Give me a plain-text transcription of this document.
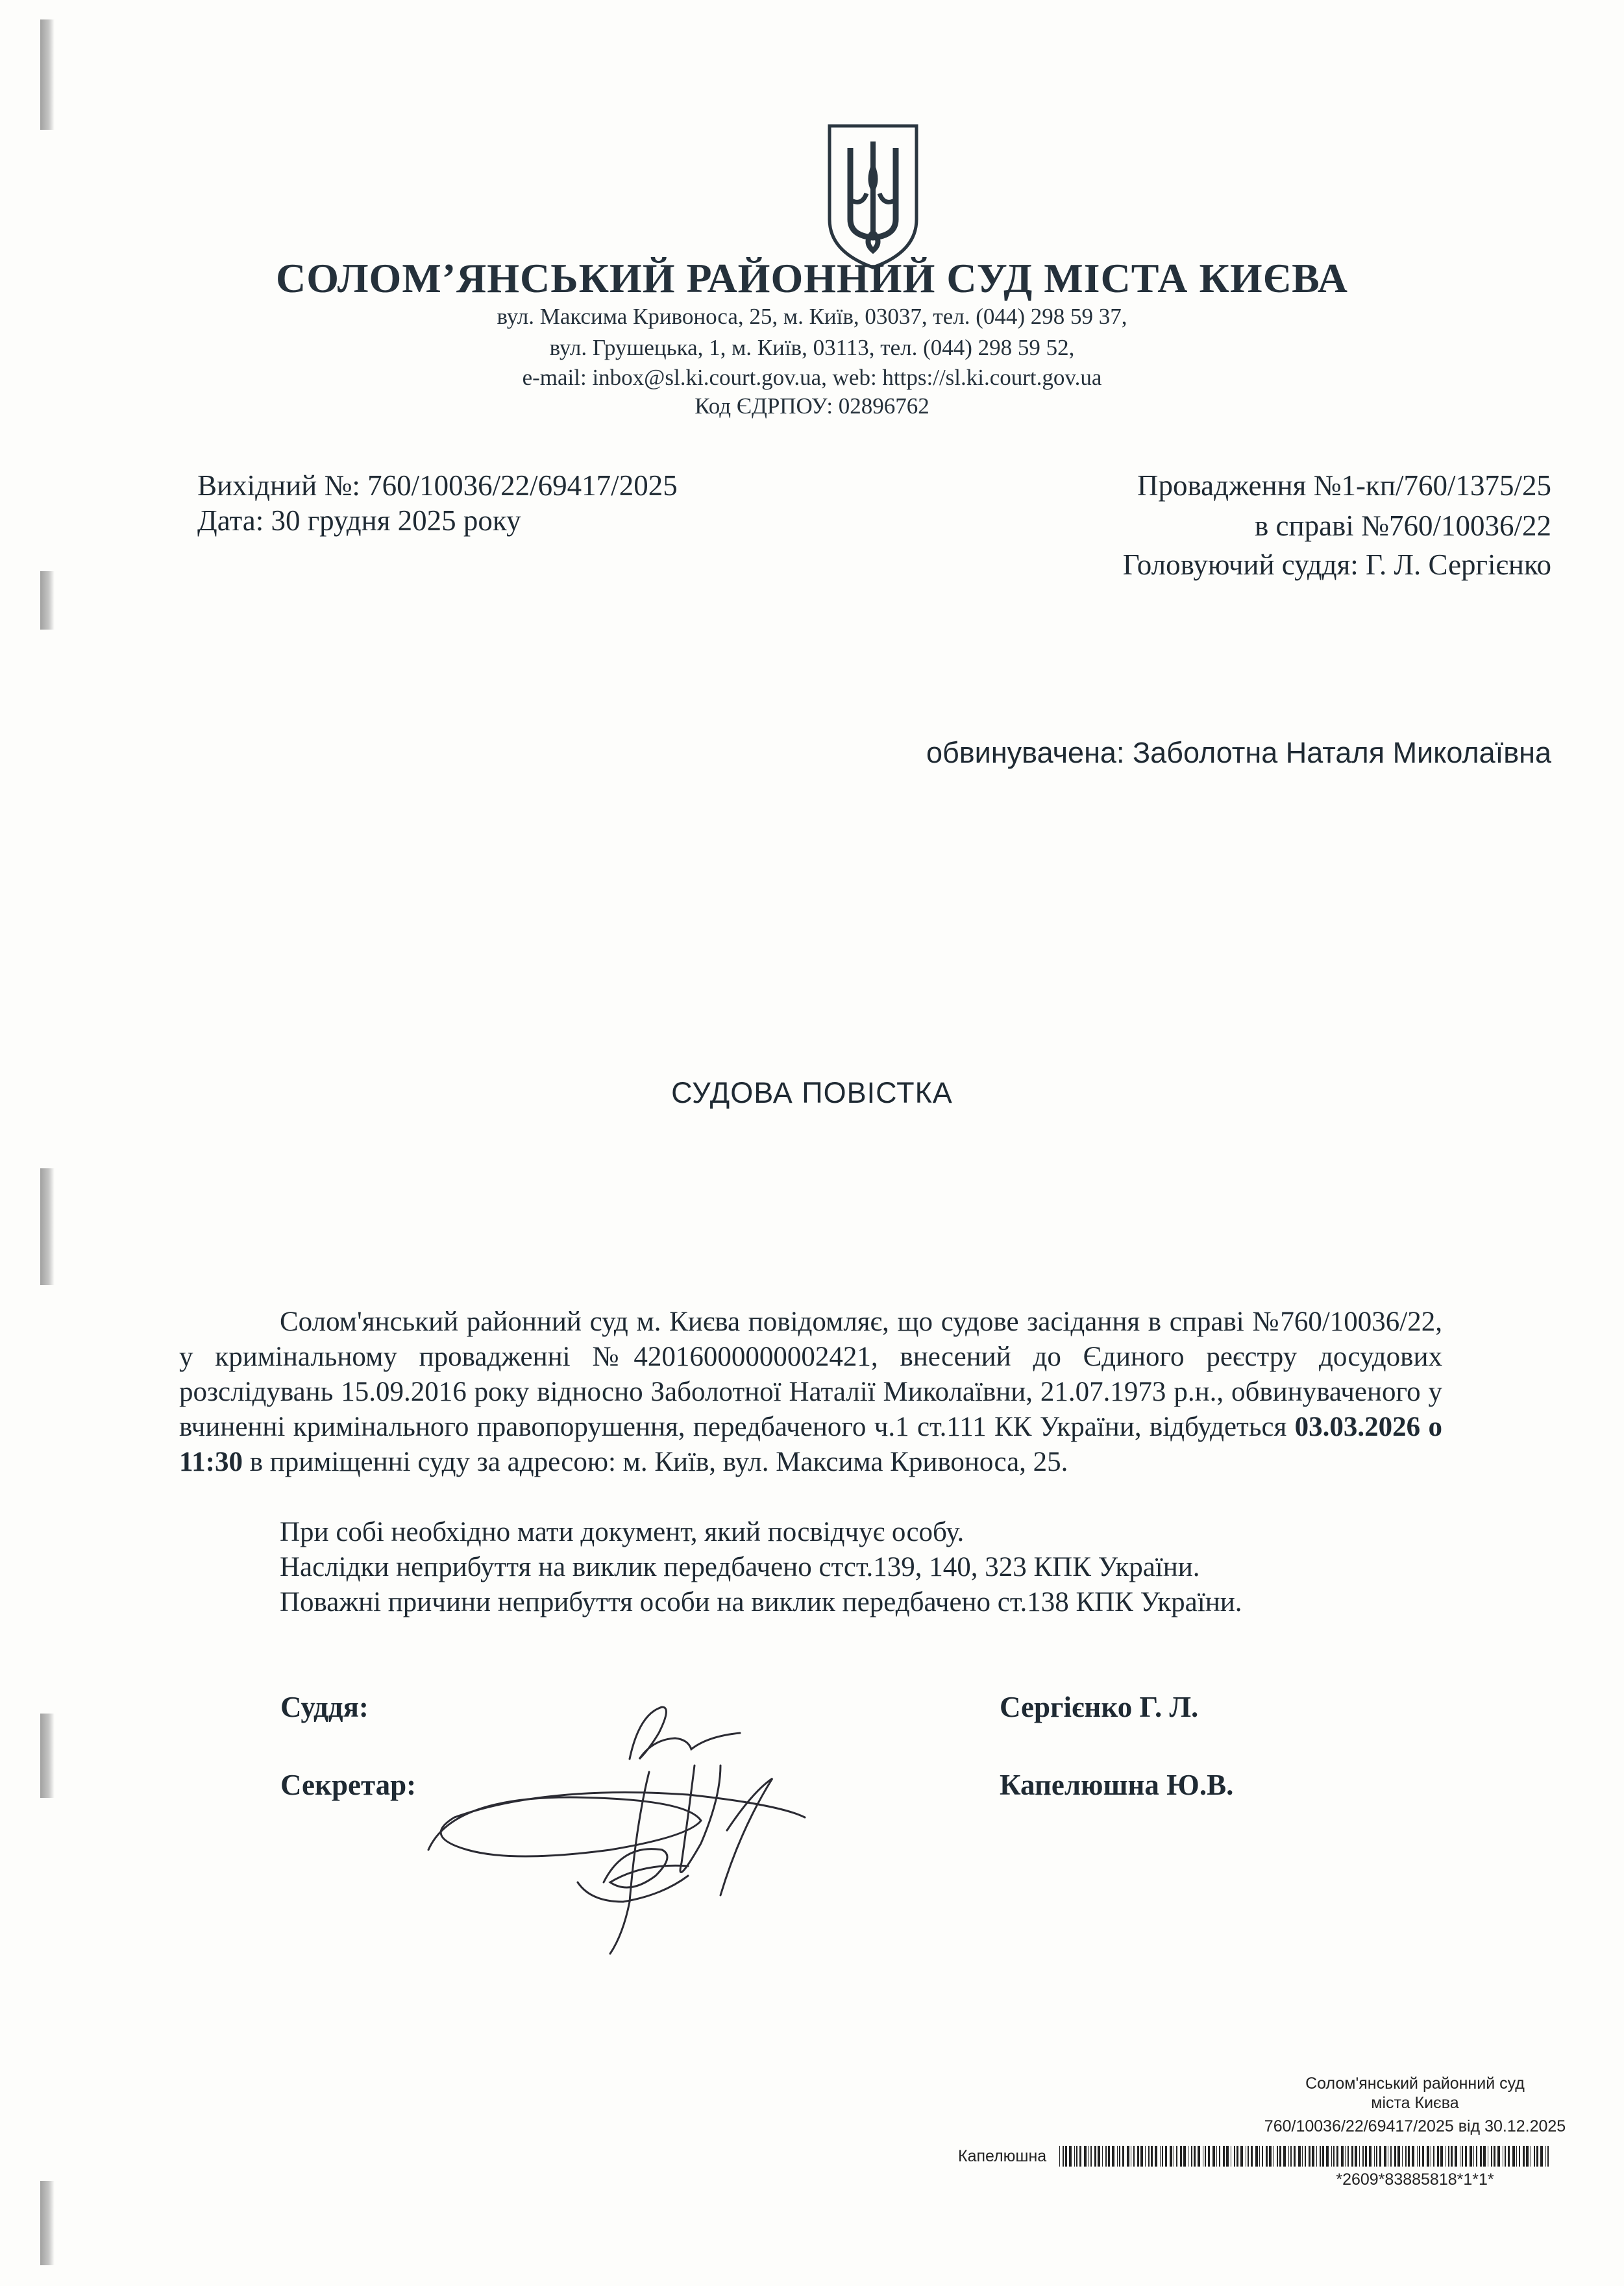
СОЛОМ’ЯНСЬКИЙ РАЙОННИЙ СУД МІСТА КИЄВА
вул. Максима Кривоноса, 25, м. Київ, 03037, тел. (044) 298 59 37,
вул. Грушецька, 1, м. Київ, 03113, тел. (044) 298 59 52,
e-mail: inbox@sl.ki.court.gov.ua, web: https://sl.ki.court.gov.ua
Код ЄДРПОУ: 02896762
Вихідний №: 760/10036/22/69417/2025
Дата: 30 грудня 2025 року
Провадження №1-кп/760/1375/25
в справі №760/10036/22
Головуючий суддя: Г. Л. Сергієнко
обвинувачена: Заболотна Наталя Миколаївна
СУДОВА ПОВІСТКА

Солом'янський районний суд м. Києва повідомляє, що судове засідання в справі №760/10036/22, у кримінальному провадженні №42016000000002421, внесений до Єдиного реєстру досудових розслідувань 15.09.2016 року відносно Заболотної Наталії Миколаївни, 21.07.1973 р.н., обвинуваченого у вчиненні кримінального правопорушення, передбаченого ч.1 ст.111 КК України, відбудеться 03.03.2026 о 11:30 в приміщенні суду за адресою: м. Київ, вул. Максима Кривоноса, 25.

При собі необхідно мати документ, який посвідчує особу.

Наслідки неприбуття на виклик передбачено стст.139, 140, 323 КПК України.

Поважні причини неприбуття особи на виклик передбачено ст.138 КПК України.

Суддя:	Сергієнко Г. Л.
Секретар:	Капелюшна Ю.В.
Солом'янський районний суд
міста Києва
760/10036/22/69417/2025 від 30.12.2025
Капелюшна
*2609*83885818*1*1*
